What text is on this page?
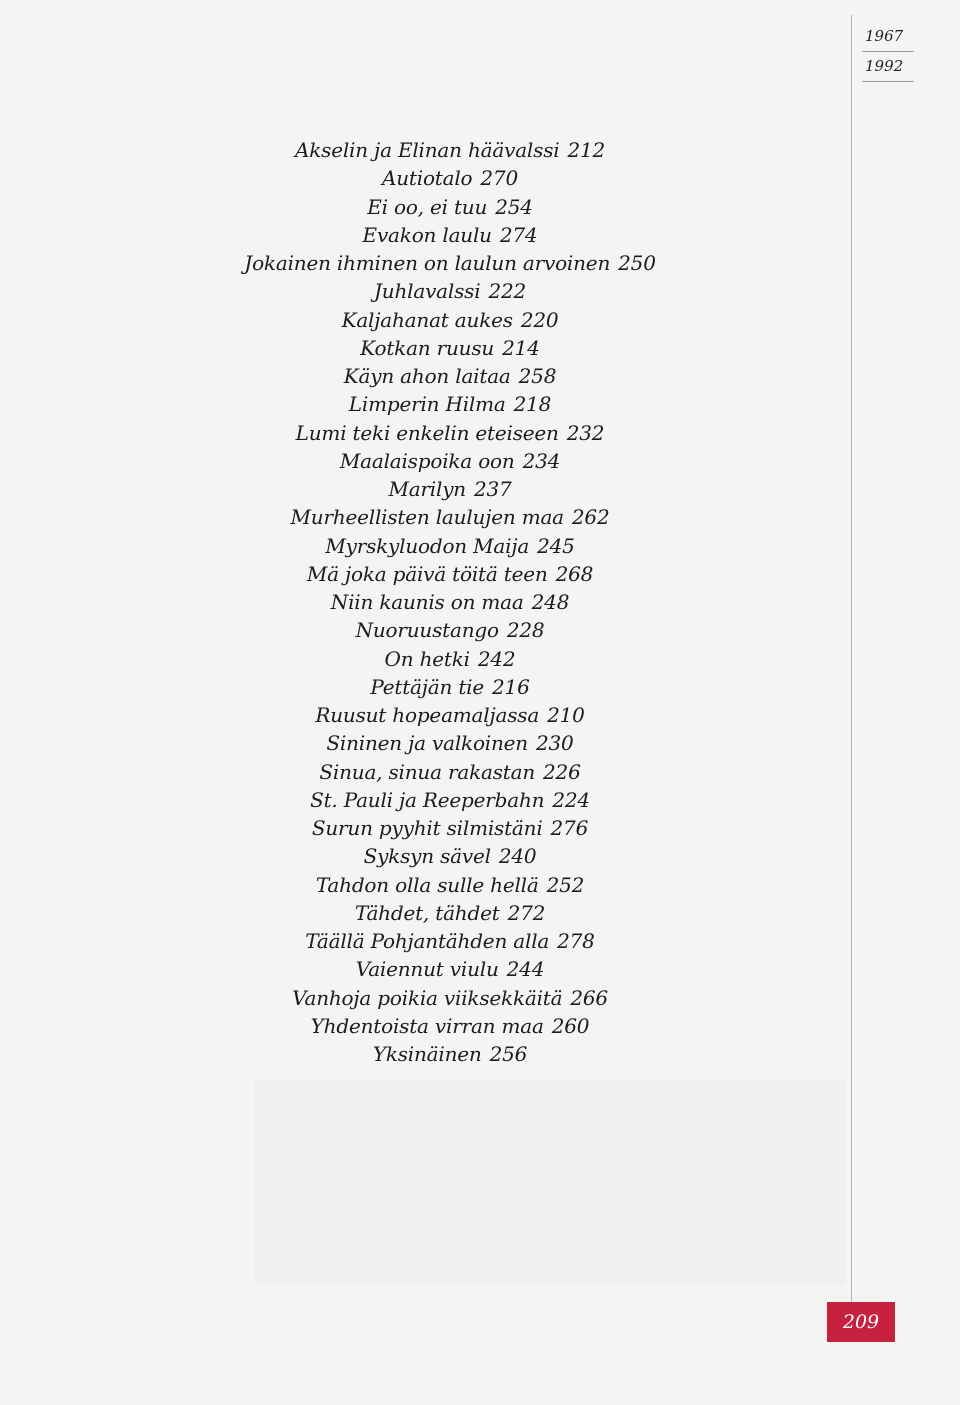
1967
1992
Akselin ja Elinan häävalssi 212
Autiotalo 270
Ei oo, ei tuu 254
Evakon laulu 274
Jokainen ihminen on laulun arvoinen 250
Juhlavalssi 222
Kaljahanat aukes 220
Kotkan ruusu 214
Käyn ahon laitaa 258
Limperin Hilma 218
Lumi teki enkelin eteiseen 232
Maalaispoika oon 234
Marilyn 237
Murheellisten laulujen maa 262
Myrskyluodon Maija 245
Mä joka päivä töitä teen 268
Niin kaunis on maa 248
Nuoruustango 228
On hetki 242
Pettäjän tie 216
Ruusut hopeamaljassa 210
Sininen ja valkoinen 230
Sinua, sinua rakastan 226
St. Pauli ja Reeperbahn 224
Surun pyyhit silmistäni 276
Syksyn sävel 240
Tahdon olla sulle hellä 252
Tähdet, tähdet 272
Täällä Pohjantähden alla 278
Vaiennut viulu 244
Vanhoja poikia viiksekkäitä 266
Yhdentoista virran maa 260
Yksinäinen 256
209
